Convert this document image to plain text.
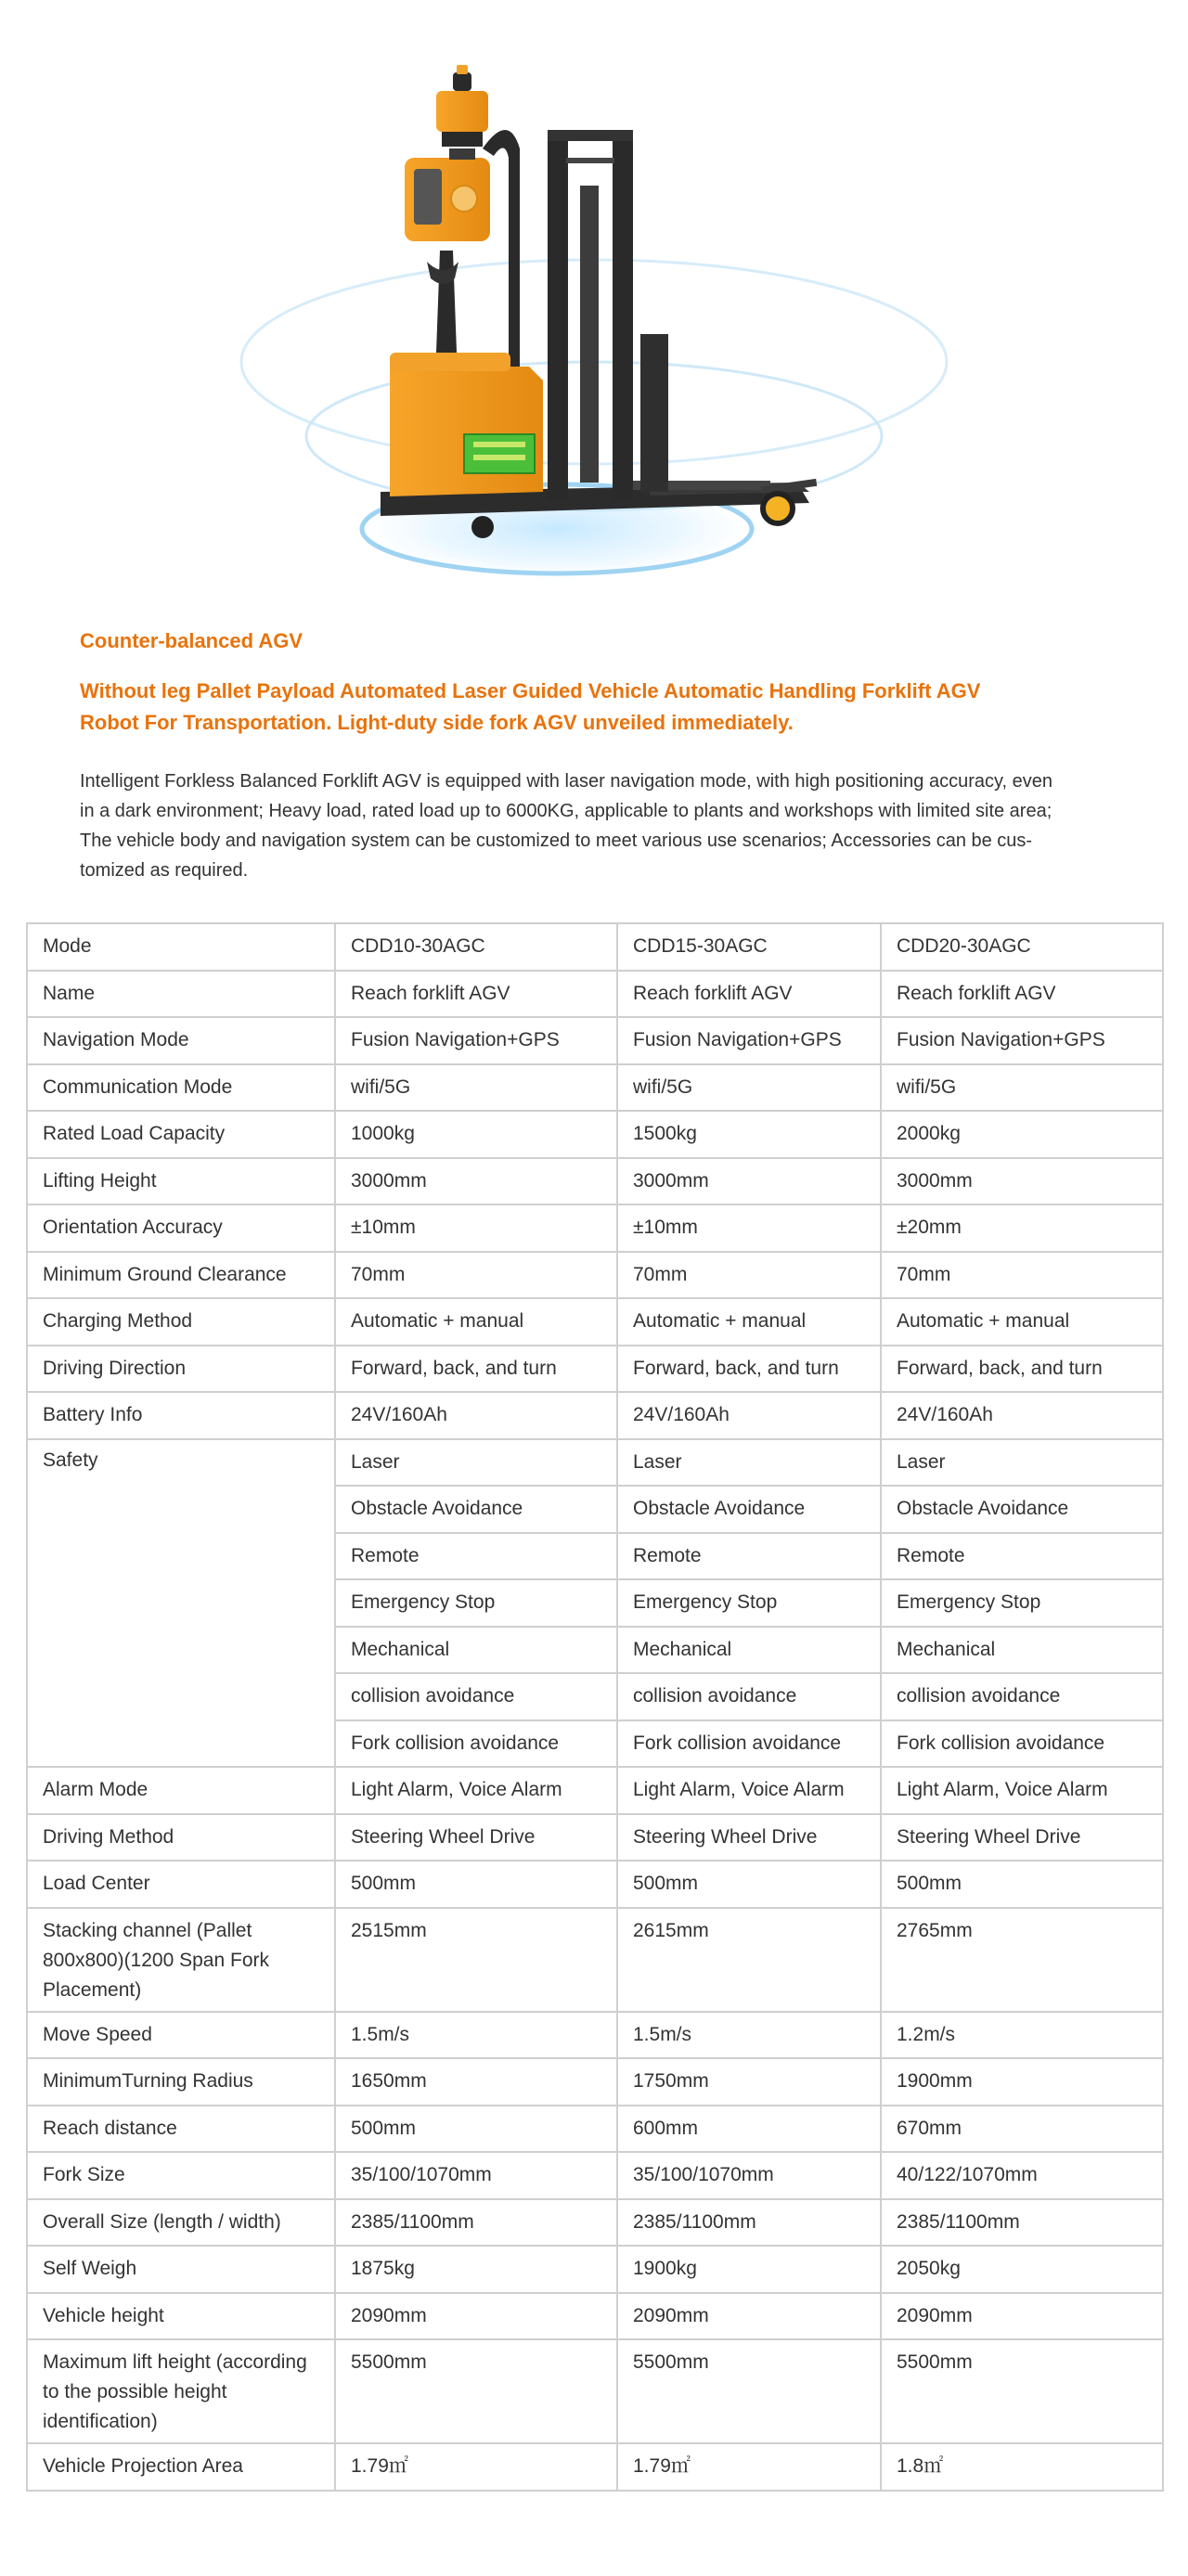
Counter-balanced AGV
Without leg Pallet Payload Automated Laser Guided Vehicle Automatic Handling Forklift AGV
Robot For Transportation. Light-duty side fork AGV unveiled immediately.
Intelligent Forkless Balanced Forklift AGV is equipped with laser navigation mode, with high positioning accuracy, even
in a dark environment; Heavy load, rated load up to 6000KG, applicable to plants and workshops with limited site area;
The vehicle body and navigation system can be customized to meet various use scenarios; Accessories can be cus-
tomized as required.
Mode	CDD10-30AGC	CDD15-30AGC	CDD20-30AGC
Name	Reach forklift AGV	Reach forklift AGV	Reach forklift AGV
Navigation Mode	Fusion Navigation+GPS	Fusion Navigation+GPS	Fusion Navigation+GPS
Communication Mode	wifi/5G	wifi/5G	wifi/5G
Rated Load Capacity	1000kg	1500kg	2000kg
Lifting Height	3000mm	3000mm	3000mm
Orientation Accuracy	±10mm	±10mm	±20mm
Minimum Ground Clearance	70mm	70mm	70mm
Charging Method	Automatic + manual	Automatic + manual	Automatic + manual
Driving Direction	Forward, back, and turn	Forward, back, and turn	Forward, back, and turn
Battery Info	24V/160Ah	24V/160Ah	24V/160Ah
Safety	Laser	Laser	Laser
	Obstacle Avoidance	Obstacle Avoidance	Obstacle Avoidance
	Remote	Remote	Remote
	Emergency Stop	Emergency Stop	Emergency Stop
	Mechanical	Mechanical	Mechanical
	collision avoidance	collision avoidance	collision avoidance
	Fork collision avoidance	Fork collision avoidance	Fork collision avoidance
Alarm Mode	Light Alarm, Voice Alarm	Light Alarm, Voice Alarm	Light Alarm, Voice Alarm
Driving Method	Steering Wheel Drive	Steering Wheel Drive	Steering Wheel Drive
Load Center	500mm	500mm	500mm
Stacking channel (Pallet 800x800)(1200 Span Fork Placement)	2515mm	2615mm	2765mm
Move Speed	1.5m/s	1.5m/s	1.2m/s
MinimumTurning Radius	1650mm	1750mm	1900mm
Reach distance	500mm	600mm	670mm
Fork Size	35/100/1070mm	35/100/1070mm	40/122/1070mm
Overall Size (length / width)	2385/1100mm	2385/1100mm	2385/1100mm
Self Weigh	1875kg	1900kg	2050kg
Vehicle height	2090mm	2090mm	2090mm
Maximum lift height (according to the possible height identification)	5500mm	5500mm	5500mm
Vehicle Projection Area	1.79㎡	1.79㎡	1.8㎡
